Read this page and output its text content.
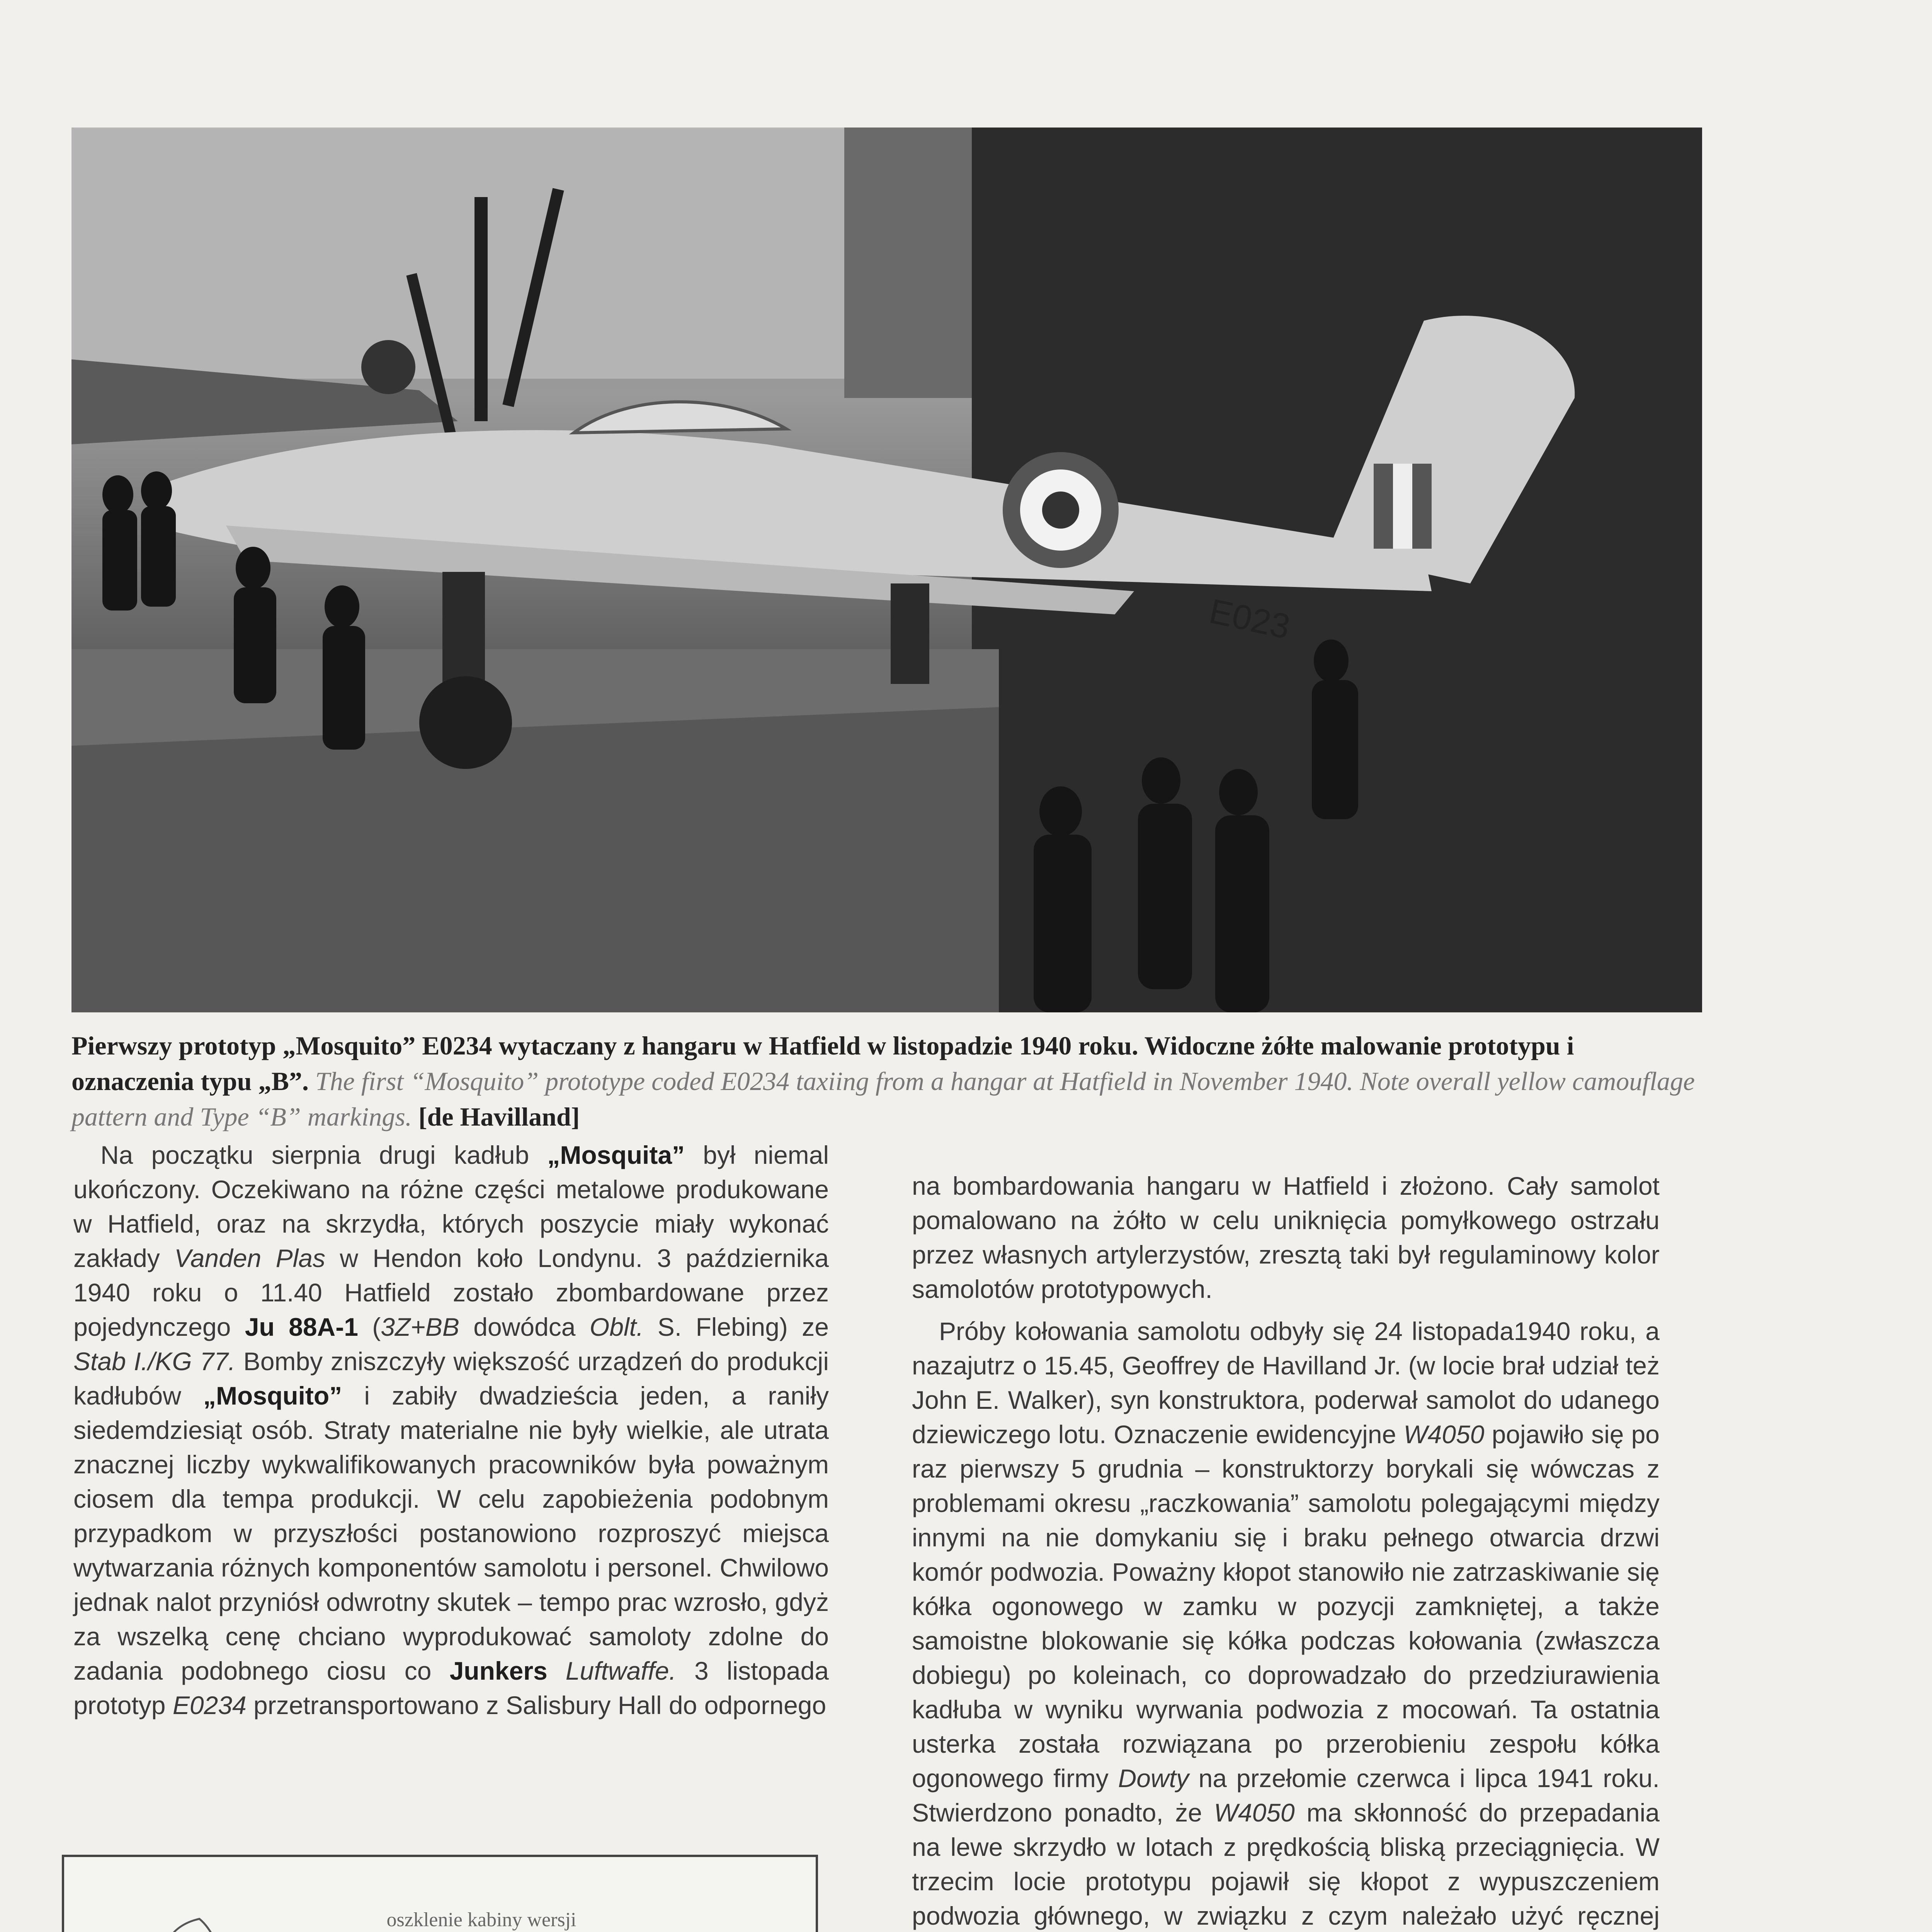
E023
Pierwszy prototyp „Mosquito” E0234 wytaczany z hangaru w Hatfield w listopadzie 1940 roku. Widoczne żółte malowanie prototypu i oznaczenia typu „B”. The first “Mosquito” prototype coded E0234 taxiing from a hangar at Hatfield in November 1940. Note overall yellow camouflage pattern and Type “B” markings. [de Havilland]

Na początku sierpnia drugi kadłub „Mosquita” był niemal ukończony. Oczekiwano na różne części metalowe produkowane w Hatfield, oraz na skrzydła, których poszycie miały wykonać zakłady Vanden Plas w Hendon koło Londynu. 3 października 1940 roku o 11.40 Hatfield zostało zbombardowane przez pojedynczego Ju 88A-1 (3Z+BB dowódca Oblt. S. Flebing) ze Stab I./KG 77. Bomby zniszczyły większość urządzeń do produkcji kadłubów „Mosquito” i zabiły dwadzieścia jeden, a raniły siedemdziesiąt osób. Straty materialne nie były wielkie, ale utrata znacznej liczby wykwalifikowanych pracowników była poważnym ciosem dla tempa produkcji. W celu zapobieżenia podobnym przypadkom w przyszłości postanowiono rozproszyć miejsca wytwarzania różnych komponentów samolotu i personel. Chwilowo jednak nalot przyniósł odwrotny skutek – tempo prac wzrosło, gdyż za wszelką cenę chciano wyprodukować samoloty zdolne do zadania podobnego ciosu co Junkers Luftwaffe. 3 listopada prototyp E0234 przetransportowano z Salisbury Hall do odpornego

oszklenie kabiny wersji

na bombardowania hangaru w Hatfield i złożono. Cały samolot pomalowano na żółto w celu uniknięcia pomyłkowego ostrzału przez własnych artylerzystów, zresztą taki był regulaminowy kolor samolotów prototypowych.

Próby kołowania samolotu odbyły się 24 listopada1940 roku, a nazajutrz o 15.45, Geoffrey de Havilland Jr. (w locie brał udział też John E. Walker), syn konstruktora, poderwał samolot do udanego dziewiczego lotu. Oznaczenie ewidencyjne W4050 pojawiło się po raz pierwszy 5 grudnia – konstruktorzy borykali się wówczas z problemami okresu „raczkowania” samolotu polegającymi między innymi na nie domykaniu się i braku pełnego otwarcia drzwi komór podwozia. Poważny kłopot stanowiło nie zatrzaskiwanie się kółka ogonowego w zamku w pozycji zamkniętej, a także samoistne blokowanie się kółka podczas kołowania (zwłaszcza dobiegu) po koleinach, co doprowadzało do przedziurawienia kadłuba w wyniku wyrwania podwozia z mocowań. Ta ostatnia usterka została rozwiązana po przerobieniu zespołu kółka ogonowego firmy Dowty na przełomie czerwca i lipca 1941 roku. Stwierdzono ponadto, że W4050 ma skłonność do przepadania na lewe skrzydło w lotach z prędkością bliską przeciągnięcia. W trzecim locie prototypu pojawił się kłopot z wypuszczeniem podwozia głównego, w związku z czym należało użyć ręcznej
